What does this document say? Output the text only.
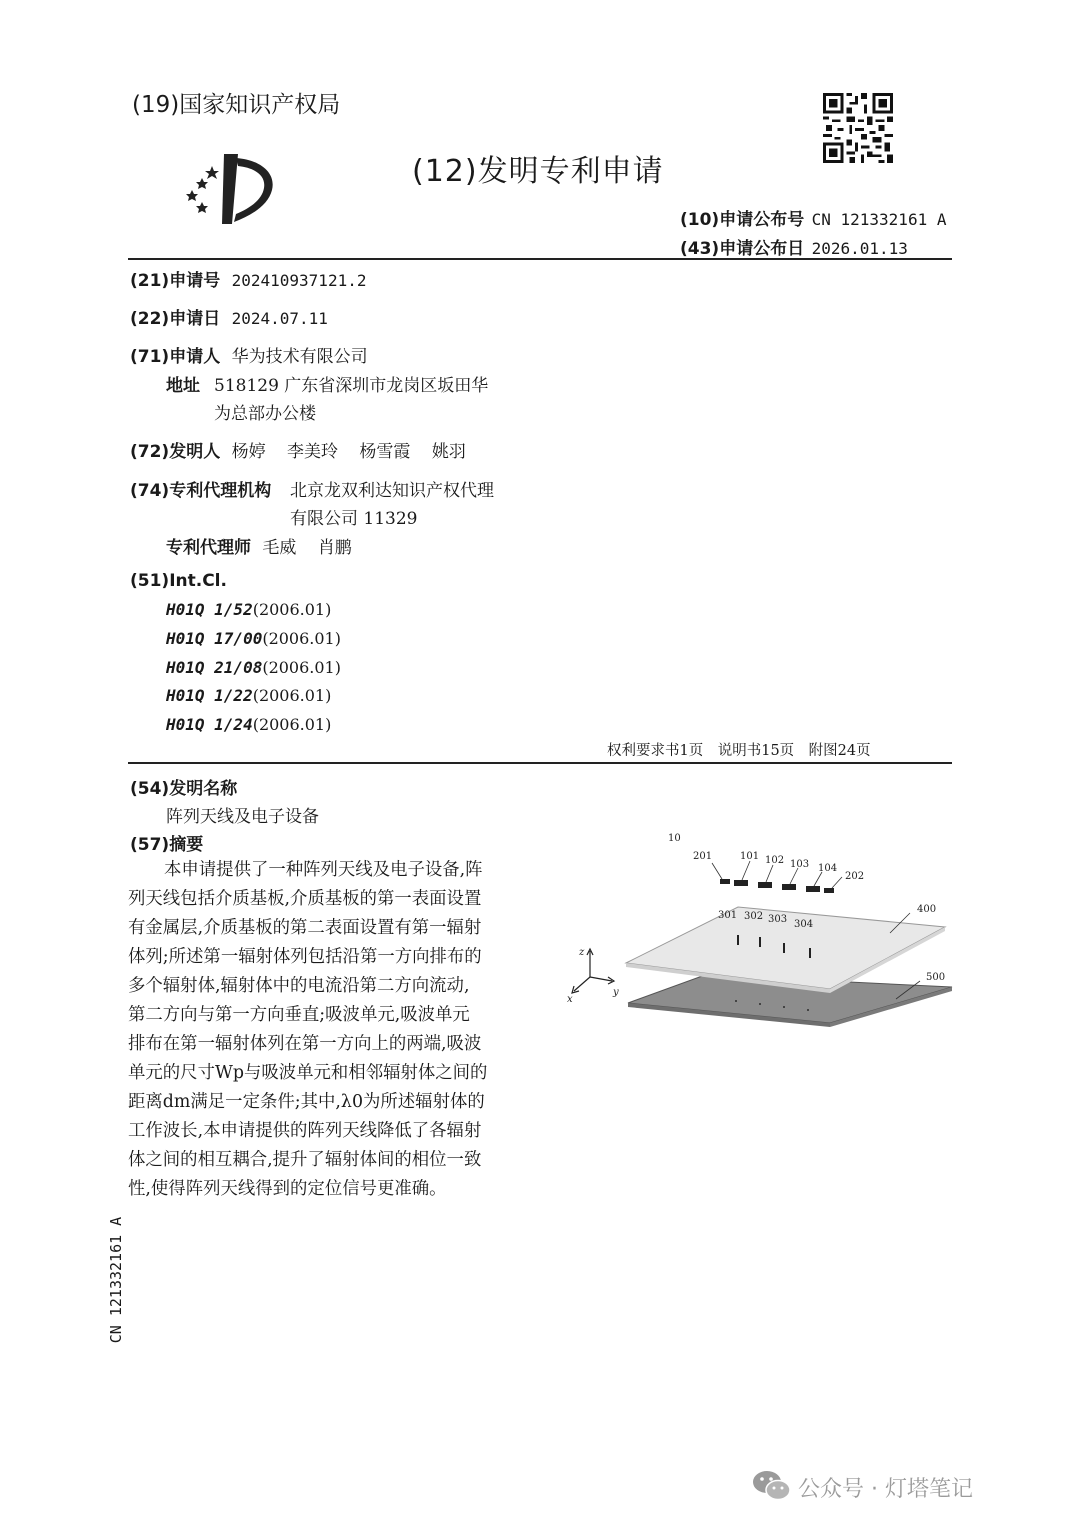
(19)国家知识产权局
(12)发明专利申请
(10)申请公布号 CN 121332161 A
(43)申请公布日 2026.01.13
(21)申请号 202410937121.2
(22)申请日 2024.07.11
(71)申请人 华为技术有限公司
地址 518129 广东省深圳市龙岗区坂田华
为总部办公楼
(72)发明人 杨婷 李美玲 杨雪霞 姚羽
(74)专利代理机构 北京龙双利达知识产权代理
有限公司 11329
专利代理师 毛威 肖鹏
(51)Int.Cl.
H01Q 1/52(2006.01)
H01Q 17/00(2006.01)
H01Q 21/08(2006.01)
H01Q 1/22(2006.01)
H01Q 1/24(2006.01)
权利要求书1页　说明书15页　附图24页
(54)发明名称
阵列天线及电子设备
(57)摘要
本申请提供了一种阵列天线及电子设备,阵
列天线包括介质基板,介质基板的第一表面设置
有金属层,介质基板的第二表面设置有第一辐射
体列;所述第一辐射体列包括沿第一方向排布的
多个辐射体,辐射体中的电流沿第二方向流动,
第二方向与第一方向垂直;吸波单元,吸波单元
排布在第一辐射体列在第一方向上的两端,吸波
单元的尺寸Wp与吸波单元和相邻辐射体之间的
距离dm满足一定条件;其中,λ0为所述辐射体的
工作波长,本申请提供的阵列天线降低了各辐射
体之间的相互耦合,提升了辐射体间的相位一致
性,使得阵列天线得到的定位信号更准确。
10
201	101 102 103 104
202
301 302 303 304
400
500
z
y
x
CN 121332161 A
公众号 · 灯塔笔记
